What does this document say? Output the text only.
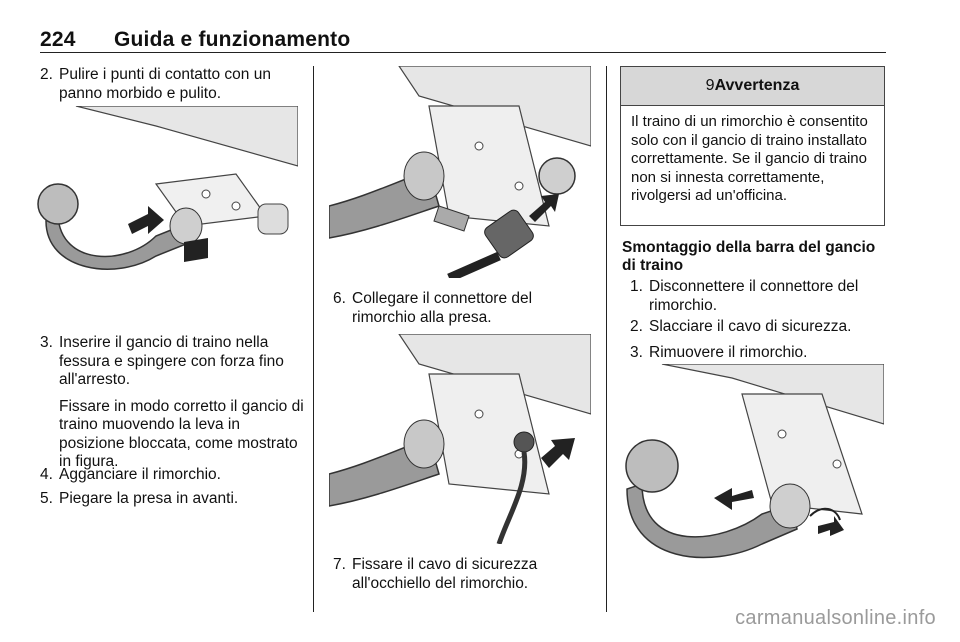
224 Guida e funzionamento
2. Pulire i punti di contatto con un panno morbido e pulito.
3. Inserire il gancio di traino nella fessura e spingere con forza fino all'arresto.
Fissare in modo corretto il gancio di traino muovendo la leva in posizione bloccata, come mostrato in figura.
4. Agganciare il rimorchio.
5. Piegare la presa in avanti.
6. Collegare il connettore del rimorchio alla presa.
7. Fissare il cavo di sicurezza all'occhiello del rimorchio.
9 Avvertenza
Il traino di un rimorchio è consentito solo con il gancio di traino installato correttamente. Se il gancio di traino non si innesta correttamente, rivolgersi ad un'officina.
Smontaggio della barra del gancio di traino
1. Disconnettere il connettore del rimorchio.
2. Slacciare il cavo di sicurezza.
3. Rimuovere il rimorchio.
carmanualsonline.info
